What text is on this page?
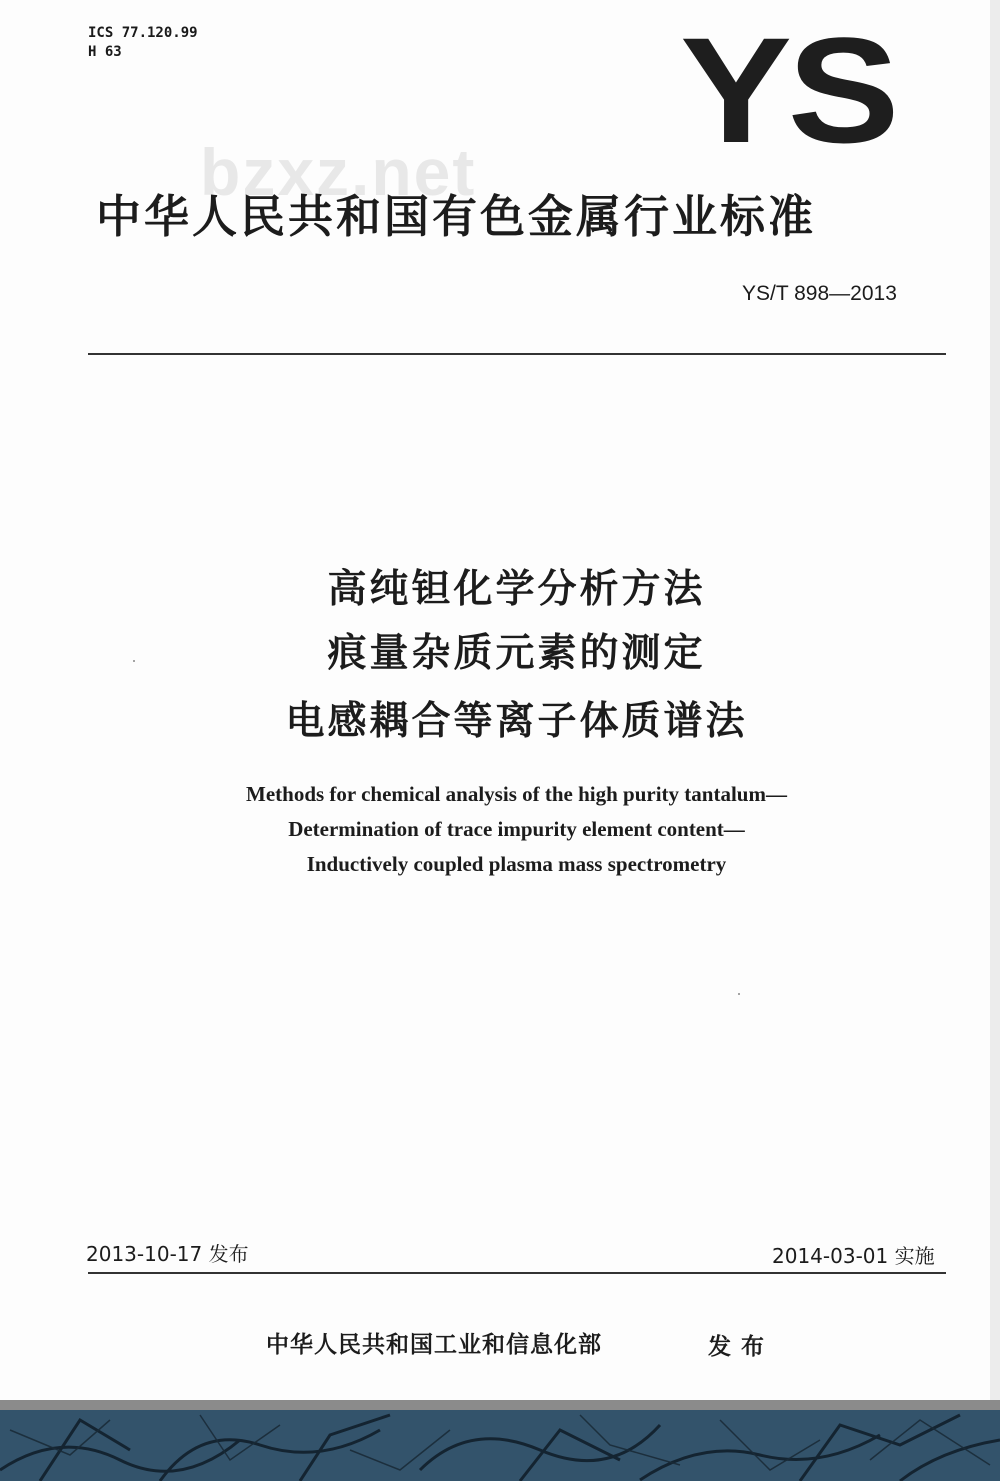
ICS 77.120.99
H 63	YS
bzxz.net
中华人民共和国有色金属行业标准
YS/T 898—2013
高纯钽化学分析方法
痕量杂质元素的测定
电感耦合等离子体质谱法
Methods for chemical analysis of the high purity tantalum—
Determination of trace impurity element content—
Inductively coupled plasma mass spectrometry
2013-10-17 发布	2014-03-01 实施
中华人民共和国工业和信息化部	发布
